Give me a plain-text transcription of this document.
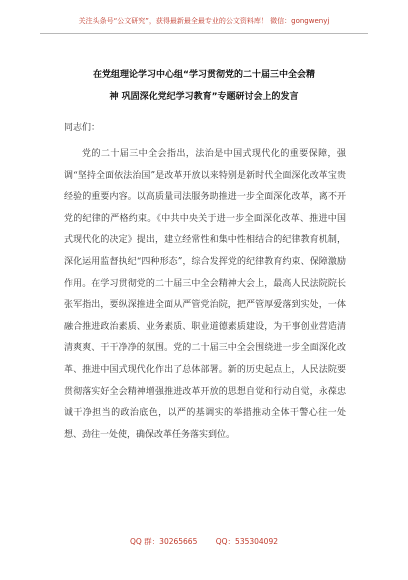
关注头条号“公文研究”，获得最新最全最专业的公文资料库！ 微信：gongwenyj
在党组理论学习中心组“学习贯彻党的二十届三中全会精
神 巩固深化党纪学习教育”专题研讨会上的发言
同志们：
党的二十届三中全会指出，法治是中国式现代化的重要保障，强调“坚持全面依法治国”是改革开放以来特别是新时代全面深化改革宝贵经验的重要内容。以高质量司法服务助推进一步全面深化改革，离不开党的纪律的严格约束。《中共中央关于进一步全面深化改革、推进中国式现代化的决定》提出，建立经常性和集中性相结合的纪律教育机制，深化运用监督执纪“四种形态”，综合发挥党的纪律教育约束、保障激励作用。在学习贯彻党的二十届三中全会精神大会上，最高人民法院院长张军指出，要纵深推进全面从严管党治院，把严管厚爱落到实处，一体融合推进政治素质、业务素质、职业道德素质建设，为干事创业营造清清爽爽、干干净净的氛围。党的二十届三中全会围绕进一步全面深化改革、推进中国式现代化作出了总体部署。新的历史起点上，人民法院要贯彻落实好全会精神增强推进改革开放的思想自觉和行动自觉，永葆忠诚干净担当的政治底色，以严的基调实的举措推动全体干警心往一处想、劲往一处使，确保改革任务落实到位。
QQ 群：30265665 QQ：535304092
